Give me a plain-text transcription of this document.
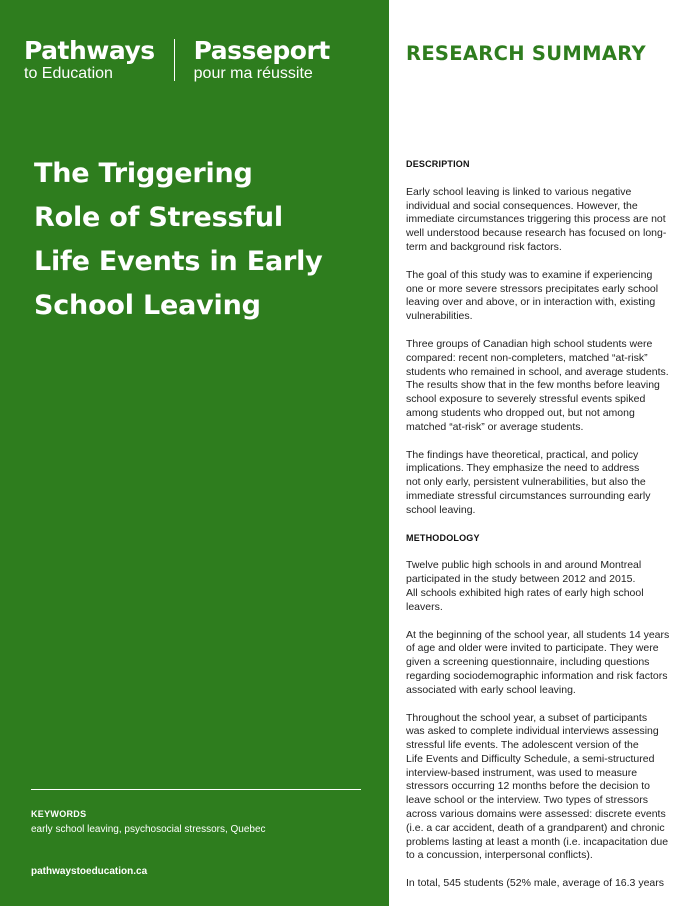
Pathways
to Education
Passeport
pour ma réussite
The Triggering
Role of Stressful
Life Events in Early
School Leaving
KEYWORDS
early school leaving, psychosocial stressors, Quebec
pathwaystoeducation.ca
RESEARCH SUMMARY
DESCRIPTION

Early school leaving is linked to various negative
individual and social consequences. However, the
immediate circumstances triggering this process are not
well understood because research has focused on long-
term and background risk factors.

The goal of this study was to examine if experiencing
one or more severe stressors precipitates early school
leaving over and above, or in interaction with, existing
vulnerabilities.

Three groups of Canadian high school students were
compared: recent non-completers, matched “at-risk”
students who remained in school, and average students.
The results show that in the few months before leaving
school exposure to severely stressful events spiked
among students who dropped out, but not among
matched “at-risk” or average students.

The findings have theoretical, practical, and policy
implications. They emphasize the need to address
not only early, persistent vulnerabilities, but also the
immediate stressful circumstances surrounding early
school leaving.

METHODOLOGY

Twelve public high schools in and around Montreal
participated in the study between 2012 and 2015.
All schools exhibited high rates of early high school
leavers.

At the beginning of the school year, all students 14 years
of age and older were invited to participate. They were
given a screening questionnaire, including questions
regarding sociodemographic information and risk factors
associated with early school leaving.

Throughout the school year, a subset of participants
was asked to complete individual interviews assessing
stressful life events. The adolescent version of the
Life Events and Difficulty Schedule, a semi-structured
interview-based instrument, was used to measure
stressors occurring 12 months before the decision to
leave school or the interview. Two types of stressors
across various domains were assessed: discrete events
(i.e. a car accident, death of a grandparent) and chronic
problems lasting at least a month (i.e. incapacitation due
to a concussion, interpersonal conflicts).

In total, 545 students (52% male, average of 16.3 years
